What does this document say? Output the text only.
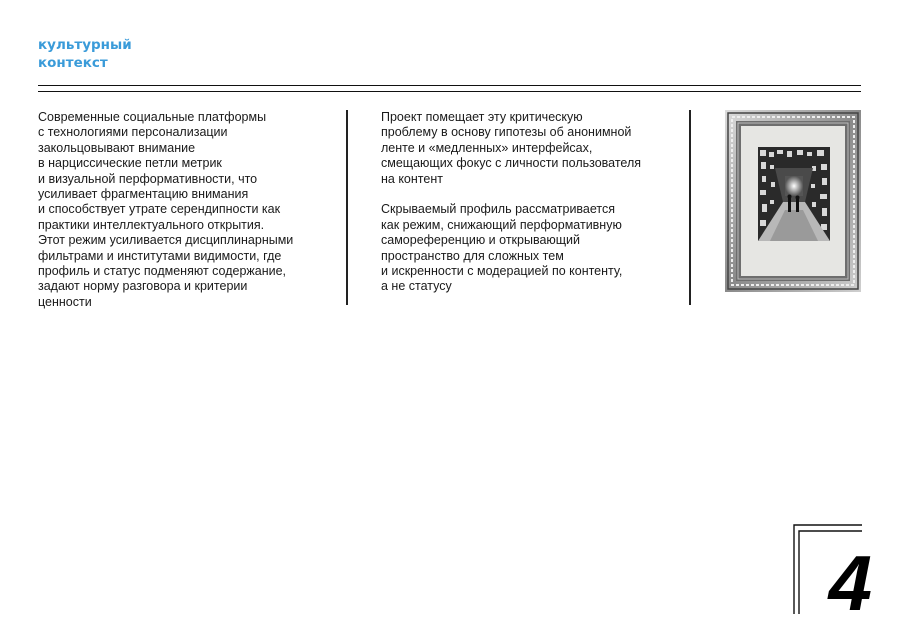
культурный
контекст
Современные социальные платформы
с технологиями персонализации
закольцовывают внимание
в нарциссические петли метрик
и визуальной перформативности, что
усиливает фрагментацию внимания
и способствует утрате серендипности как
практики интеллектуального открытия.
Этот режим усиливается дисциплинарными
фильтрами и институтами видимости, где
профиль и статус подменяют содержание,
задают норму разговора и критерии
ценности
Проект помещает эту критическую
проблему в основу гипотезы об анонимной
ленте и «медленных» интерфейсах,
смещающих фокус с личности пользователя
на контент
Скрываемый профиль рассматривается
как режим, снижающий перформативную
самореференцию и открывающий
пространство для сложных тем
и искренности с модерацией по контенту,
а не статусу
4
